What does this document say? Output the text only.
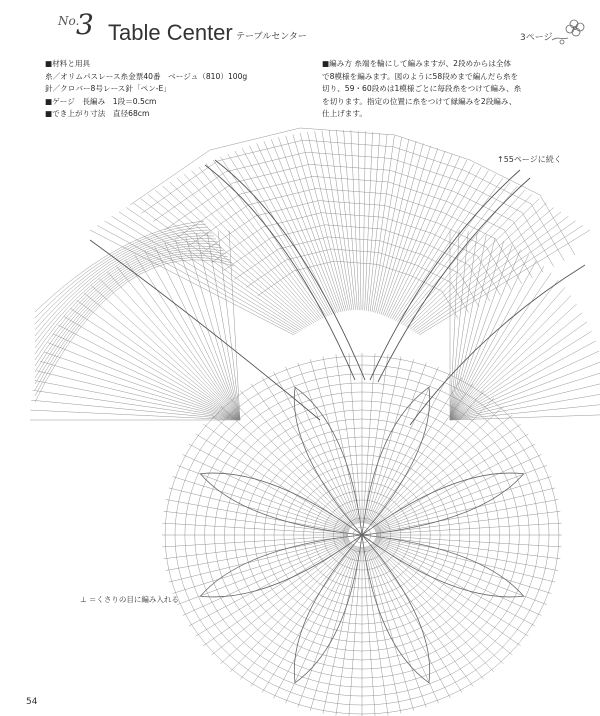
No.
3 Table Center テーブルセンター	3ページ
■材料と用具
糸／オリムパスレース糸金票40番　ベージュ（810）100g
針／クロバー8号レース針「ペン-E」
■ゲージ　長編み　1段＝0.5cm
■でき上がり寸法　直径68cm
■編み方 糸端を輪にして編みますが、2段めからは全体
で8模様を編みます。図のように58段めまで編んだら糸を
切り、59・60段めは1模様ごとに毎段糸をつけて編み、糸
を切ります。指定の位置に糸をつけて縁編みを2段編み、
仕上げます。
↑55ページに続く
⊥ ＝くさりの目に編み入れる
54
